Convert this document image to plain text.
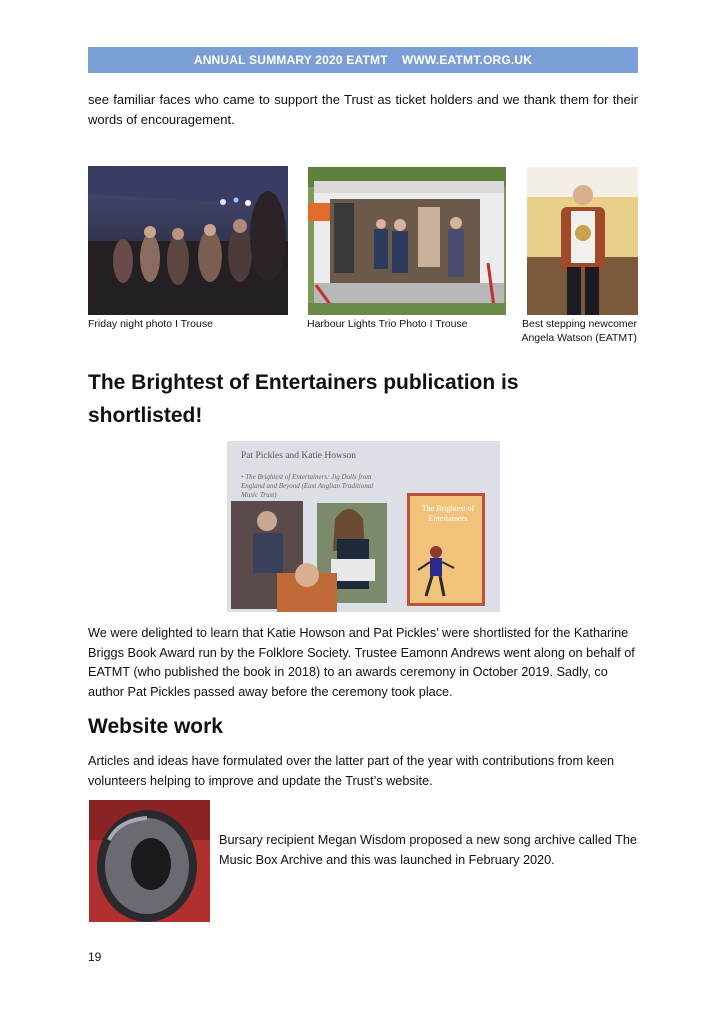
ANNUAL SUMMARY 2020 EATMT    WWW.EATMT.ORG.UK

see familiar faces who came to support the Trust as ticket holders and we thank them for their words of encouragement.

Friday night photo I Trouse	Harbour Lights Trio Photo I Trouse	Best stepping newcomer
Angela Watson (EATMT)
The Brightest of Entertainers publication is
shortlisted!
Pat Pickles and Katie Howson
• The Brightest of Entertainers: Jig Dolls from England and Beyond (East Anglian Traditional Music Trust)
The Brightest of Entertainers

We were delighted to learn that Katie Howson and Pat Pickles’ were shortlisted for the Katharine Briggs Book Award run by the Folklore Society. Trustee Eamonn Andrews went along on behalf of EATMT (who published the book in 2018) to an awards ceremony in October 2019. Sadly, co author Pat Pickles passed away before the ceremony took place.

Website work

Articles and ideas have formulated over the latter part of the year with contributions from keen volunteers helping to improve and update the Trust’s website.

Bursary recipient Megan Wisdom proposed a new song archive called The Music Box Archive and this was launched in February 2020.

19
